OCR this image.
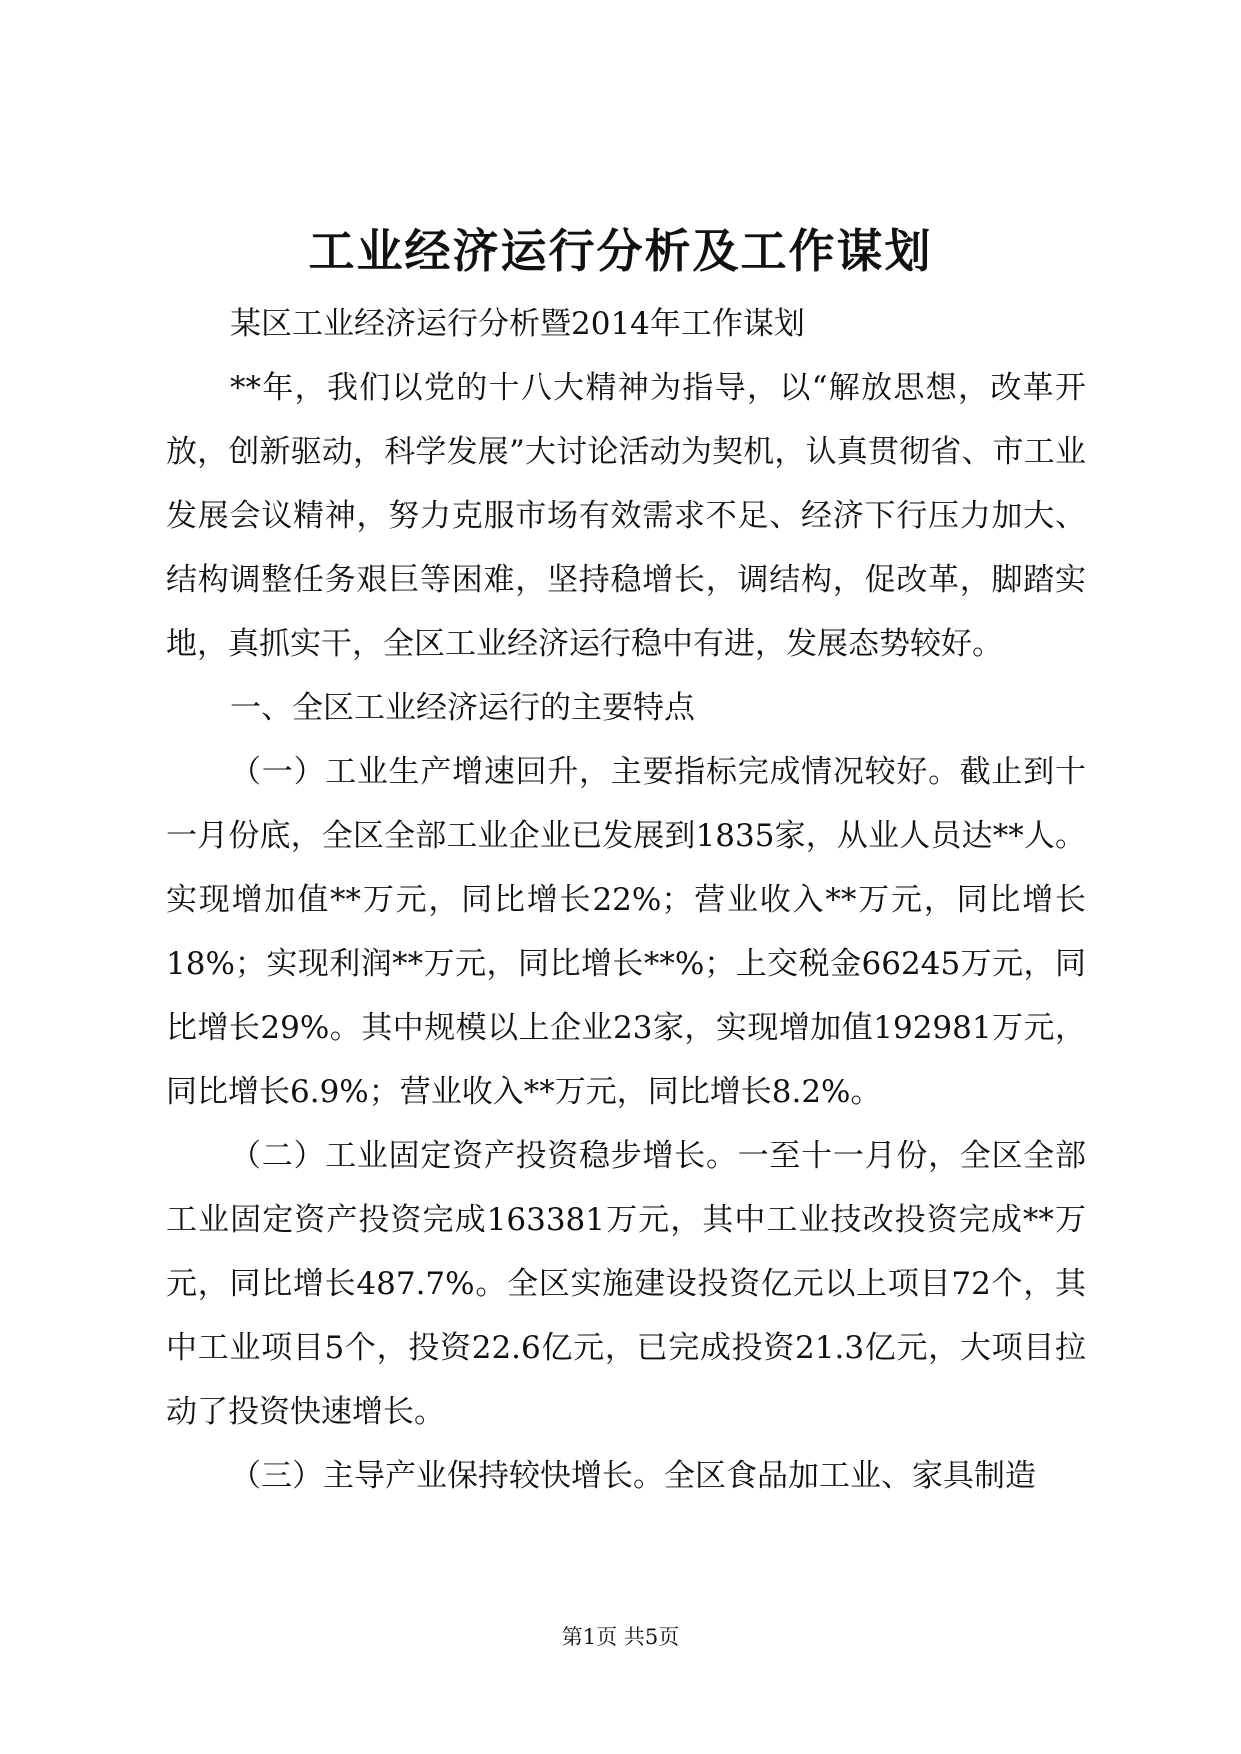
工业经济运行分析及工作谋划

某区工业经济运行分析暨2014年工作谋划

**年，我们以党的十八大精神为指导，以“解放思想，改革开放，创新驱动，科学发展”大讨论活动为契机，认真贯彻省、市工业发展会议精神，努力克服市场有效需求不足、经济下行压力加大、结构调整任务艰巨等困难，坚持稳增长，调结构，促改革，脚踏实地，真抓实干，全区工业经济运行稳中有进，发展态势较好。

一、全区工业经济运行的主要特点

（一）工业生产增速回升，主要指标完成情况较好。截止到十一月份底，全区全部工业企业已发展到1835家，从业人员达**人。实现增加值**万元，同比增长22%；营业收入**万元，同比增长18%；实现利润**万元，同比增长**%；上交税金66245万元，同比增长29%。其中规模以上企业23家，实现增加值192981万元，同比增长6.9%；营业收入**万元，同比增长8.2%。

（二）工业固定资产投资稳步增长。一至十一月份，全区全部工业固定资产投资完成163381万元，其中工业技改投资完成**万元，同比增长487.7%。全区实施建设投资亿元以上项目72个，其中工业项目5个，投资22.6亿元，已完成投资21.3亿元，大项目拉动了投资快速增长。

（三）主导产业保持较快增长。全区食品加工业、家具制造

第1页 共5页
